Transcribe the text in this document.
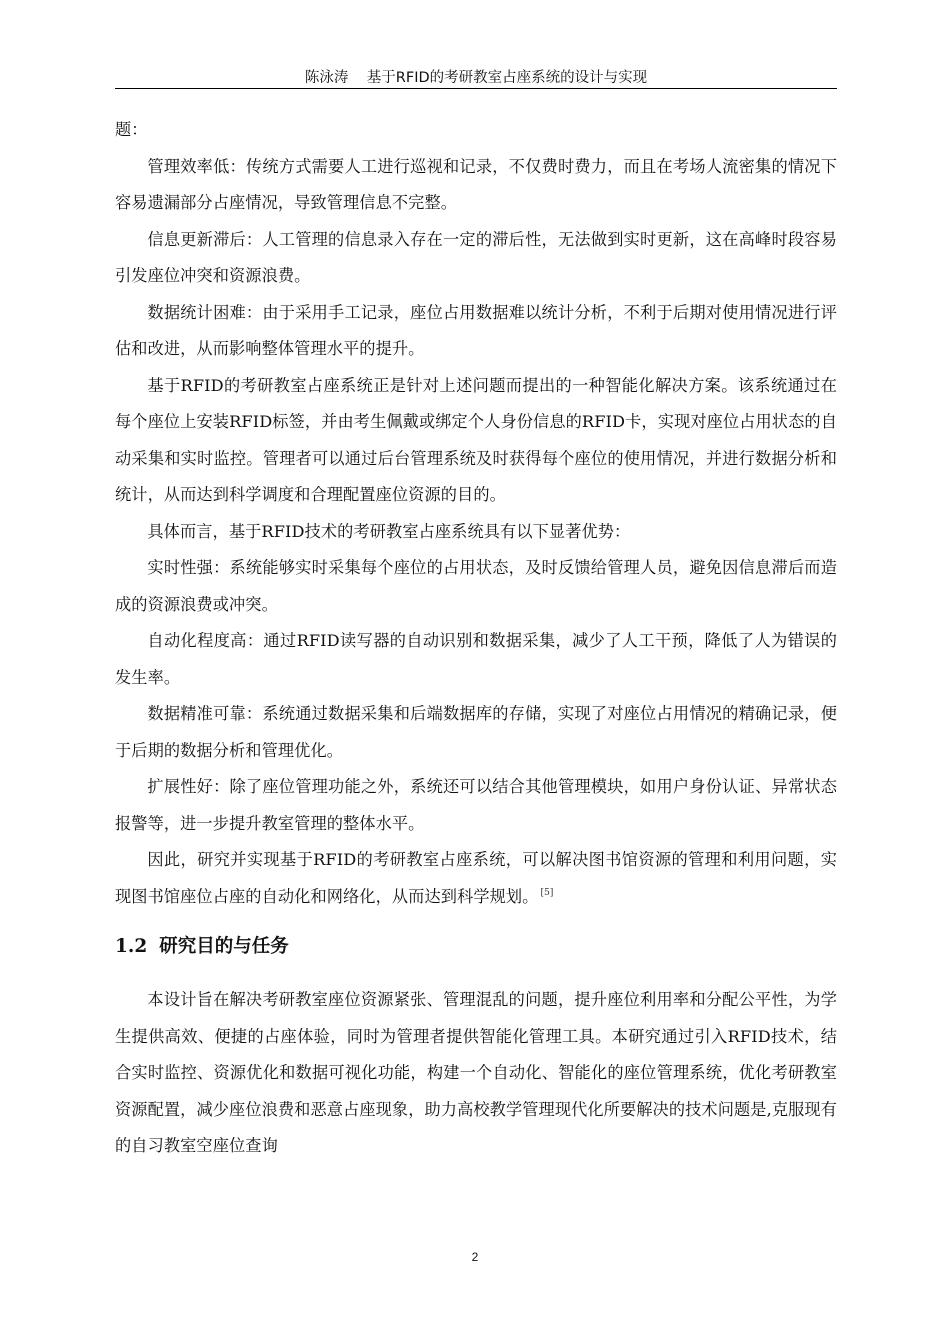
陈泳涛 基于RFID的考研教室占座系统的设计与实现

题：

管理效率低：传统方式需要人工进行巡视和记录，不仅费时费力，而且在考场人流密集的情况下容易遗漏部分占座情况，导致管理信息不完整。

信息更新滞后：人工管理的信息录入存在一定的滞后性，无法做到实时更新，这在高峰时段容易引发座位冲突和资源浪费。

数据统计困难：由于采用手工记录，座位占用数据难以统计分析，不利于后期对使用情况进行评估和改进，从而影响整体管理水平的提升。

基于RFID的考研教室占座系统正是针对上述问题而提出的一种智能化解决方案。该系统通过在每个座位上安装RFID标签，并由考生佩戴或绑定个人身份信息的RFID卡，实现对座位占用状态的自动采集和实时监控。管理者可以通过后台管理系统及时获得每个座位的使用情况，并进行数据分析和统计，从而达到科学调度和合理配置座位资源的目的。

具体而言，基于RFID技术的考研教室占座系统具有以下显著优势：

实时性强：系统能够实时采集每个座位的占用状态，及时反馈给管理人员，避免因信息滞后而造成的资源浪费或冲突。

自动化程度高：通过RFID读写器的自动识别和数据采集，减少了人工干预，降低了人为错误的发生率。

数据精准可靠：系统通过数据采集和后端数据库的存储，实现了对座位占用情况的精确记录，便于后期的数据分析和管理优化。

扩展性好：除了座位管理功能之外，系统还可以结合其他管理模块，如用户身份认证、异常状态报警等，进一步提升教室管理的整体水平。

因此，研究并实现基于RFID的考研教室占座系统，可以解决图书馆资源的管理和利用问题，实现图书馆座位占座的自动化和网络化，从而达到科学规划。 [5]

1.2 研究目的与任务

本设计旨在解决考研教室座位资源紧张、管理混乱的问题，提升座位利用率和分配公平性，为学生提供高效、便捷的占座体验，同时为管理者提供智能化管理工具。本研究通过引入RFID技术，结合实时监控、资源优化和数据可视化功能，构建一个自动化、智能化的座位管理系统，优化考研教室资源配置，减少座位浪费和恶意占座现象，助力高校教学管理现代化所要解决的技术问题是,克服现有的自习教室空座位查询

2
